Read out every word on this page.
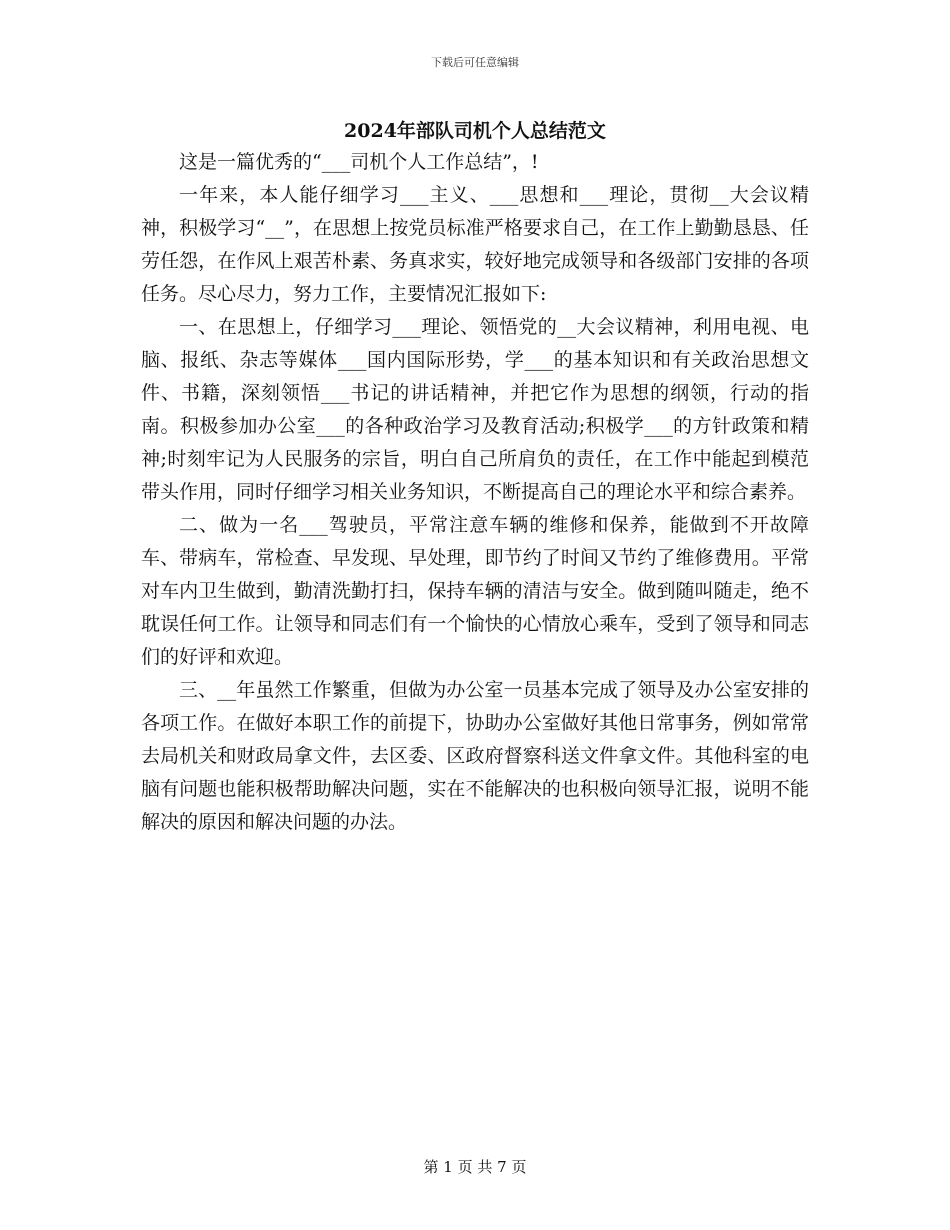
下载后可任意编辑
2024年部队司机个人总结范文

这是一篇优秀的“___司机个人工作总结”，!

一年来，本人能仔细学习___主义、___思想和___理论，贯彻__大会议精神，积极学习“__”，在思想上按党员标准严格要求自己，在工作上勤勤恳恳、任劳任怨，在作风上艰苦朴素、务真求实，较好地完成领导和各级部门安排的各项任务。尽心尽力，努力工作，主要情况汇报如下:

一、在思想上，仔细学习___理论、领悟党的__大会议精神，利用电视、电脑、报纸、杂志等媒体___国内国际形势，学___的基本知识和有关政治思想文件、书籍，深刻领悟___书记的讲话精神，并把它作为思想的纲领，行动的指南。积极参加办公室___的各种政治学习及教育活动;积极学___的方针政策和精神;时刻牢记为人民服务的宗旨，明白自己所肩负的责任，在工作中能起到模范带头作用，同时仔细学习相关业务知识，不断提高自己的理论水平和综合素养。

二、做为一名___驾驶员，平常注意车辆的维修和保养，能做到不开故障车、带病车，常检查、早发现、早处理，即节约了时间又节约了维修费用。平常对车内卫生做到，勤清洗勤打扫，保持车辆的清洁与安全。做到随叫随走，绝不耽误任何工作。让领导和同志们有一个愉快的心情放心乘车，受到了领导和同志们的好评和欢迎。

三、__年虽然工作繁重，但做为办公室一员基本完成了领导及办公室安排的各项工作。在做好本职工作的前提下，协助办公室做好其他日常事务，例如常常去局机关和财政局拿文件，去区委、区政府督察科送文件拿文件。其他科室的电脑有问题也能积极帮助解决问题，实在不能解决的也积极向领导汇报，说明不能解决的原因和解决问题的办法。

第 1 页 共 7 页
